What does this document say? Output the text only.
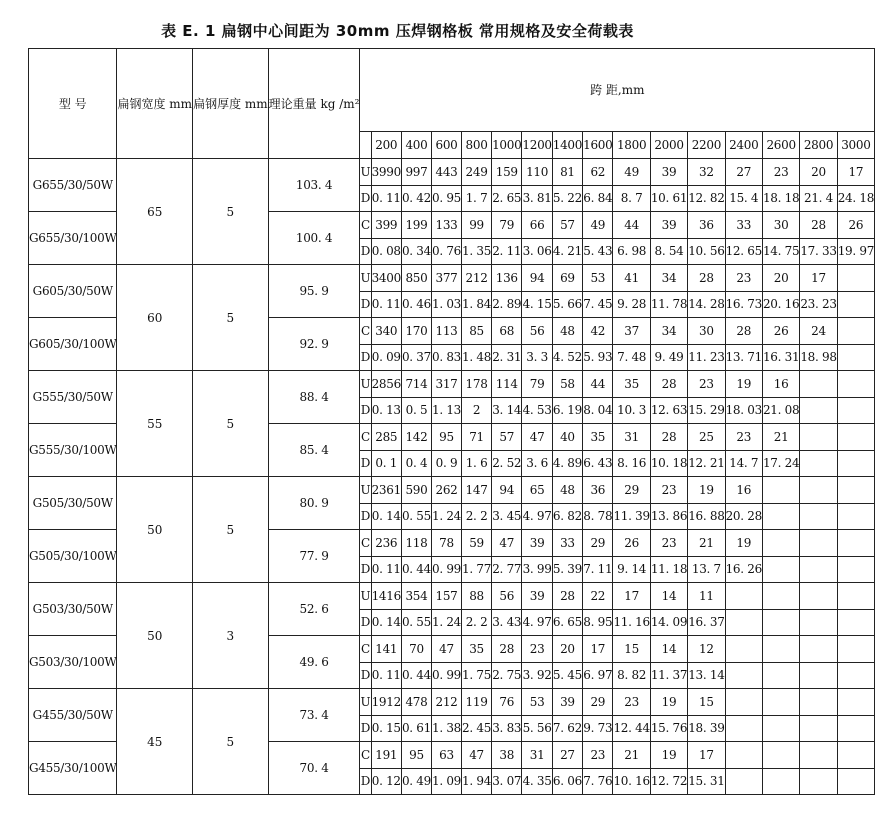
表 E. 1 扁钢中心间距为 30mm 压焊钢格板 常用规格及安全荷载表
型 号	扁钢宽度 mm	扁钢厚度 mm	理论重量 kg /m²	跨 距,mm															
					200	400	600	800	1000	1200	1400	1600	1800	2000	2200	2400	2600	2800	3000
G655/30/50W	65	5	103. 4	U	3990	997	443	249	159	110	81	62	49	39	32	27	23	20	17
				D	0. 11	0. 42	0. 95	1. 7	2. 65	3. 81	5. 22	6. 84	8. 7	10. 61	12. 82	15. 4	18. 18	21. 4	24. 18
G655/30/100W			100. 4	C	399	199	133	99	79	66	57	49	44	39	36	33	30	28	26
				D	0. 08	0. 34	0. 76	1. 35	2. 11	3. 06	4. 21	5. 43	6. 98	8. 54	10. 56	12. 65	14. 75	17. 33	19. 97
G605/30/50W	60	5	95. 9	U	3400	850	377	212	136	94	69	53	41	34	28	23	20	17	
				D	0. 11	0. 46	1. 03	1. 84	2. 89	4. 15	5. 66	7. 45	9. 28	11. 78	14. 28	16. 73	20. 16	23. 23	
G605/30/100W			92. 9	C	340	170	113	85	68	56	48	42	37	34	30	28	26	24	
				D	0. 09	0. 37	0. 83	1. 48	2. 31	3. 3	4. 52	5. 93	7. 48	9. 49	11. 23	13. 71	16. 31	18. 98	
G555/30/50W	55	5	88. 4	U	2856	714	317	178	114	79	58	44	35	28	23	19	16		
				D	0. 13	0. 5	1. 13	2	3. 14	4. 53	6. 19	8. 04	10. 3	12. 63	15. 29	18. 03	21. 08		
G555/30/100W			85. 4	C	285	142	95	71	57	47	40	35	31	28	25	23	21		
				D	0. 1	0. 4	0. 9	1. 6	2. 52	3. 6	4. 89	6. 43	8. 16	10. 18	12. 21	14. 7	17. 24		
G505/30/50W	50	5	80. 9	U	2361	590	262	147	94	65	48	36	29	23	19	16			
				D	0. 14	0. 55	1. 24	2. 2	3. 45	4. 97	6. 82	8. 78	11. 39	13. 86	16. 88	20. 28			
G505/30/100W			77. 9	C	236	118	78	59	47	39	33	29	26	23	21	19			
				D	0. 11	0. 44	0. 99	1. 77	2. 77	3. 99	5. 39	7. 11	9. 14	11. 18	13. 7	16. 26			
G503/30/50W	50	3	52. 6	U	1416	354	157	88	56	39	28	22	17	14	11				
				D	0. 14	0. 55	1. 24	2. 2	3. 43	4. 97	6. 65	8. 95	11. 16	14. 09	16. 37				
G503/30/100W			49. 6	C	141	70	47	35	28	23	20	17	15	14	12				
				D	0. 11	0. 44	0. 99	1. 75	2. 75	3. 92	5. 45	6. 97	8. 82	11. 37	13. 14				
G455/30/50W	45	5	73. 4	U	1912	478	212	119	76	53	39	29	23	19	15				
				D	0. 15	0. 61	1. 38	2. 45	3. 83	5. 56	7. 62	9. 73	12. 44	15. 76	18. 39				
G455/30/100W			70. 4	C	191	95	63	47	38	31	27	23	21	19	17				
				D	0. 12	0. 49	1. 09	1. 94	3. 07	4. 35	6. 06	7. 76	10. 16	12. 72	15. 31				
